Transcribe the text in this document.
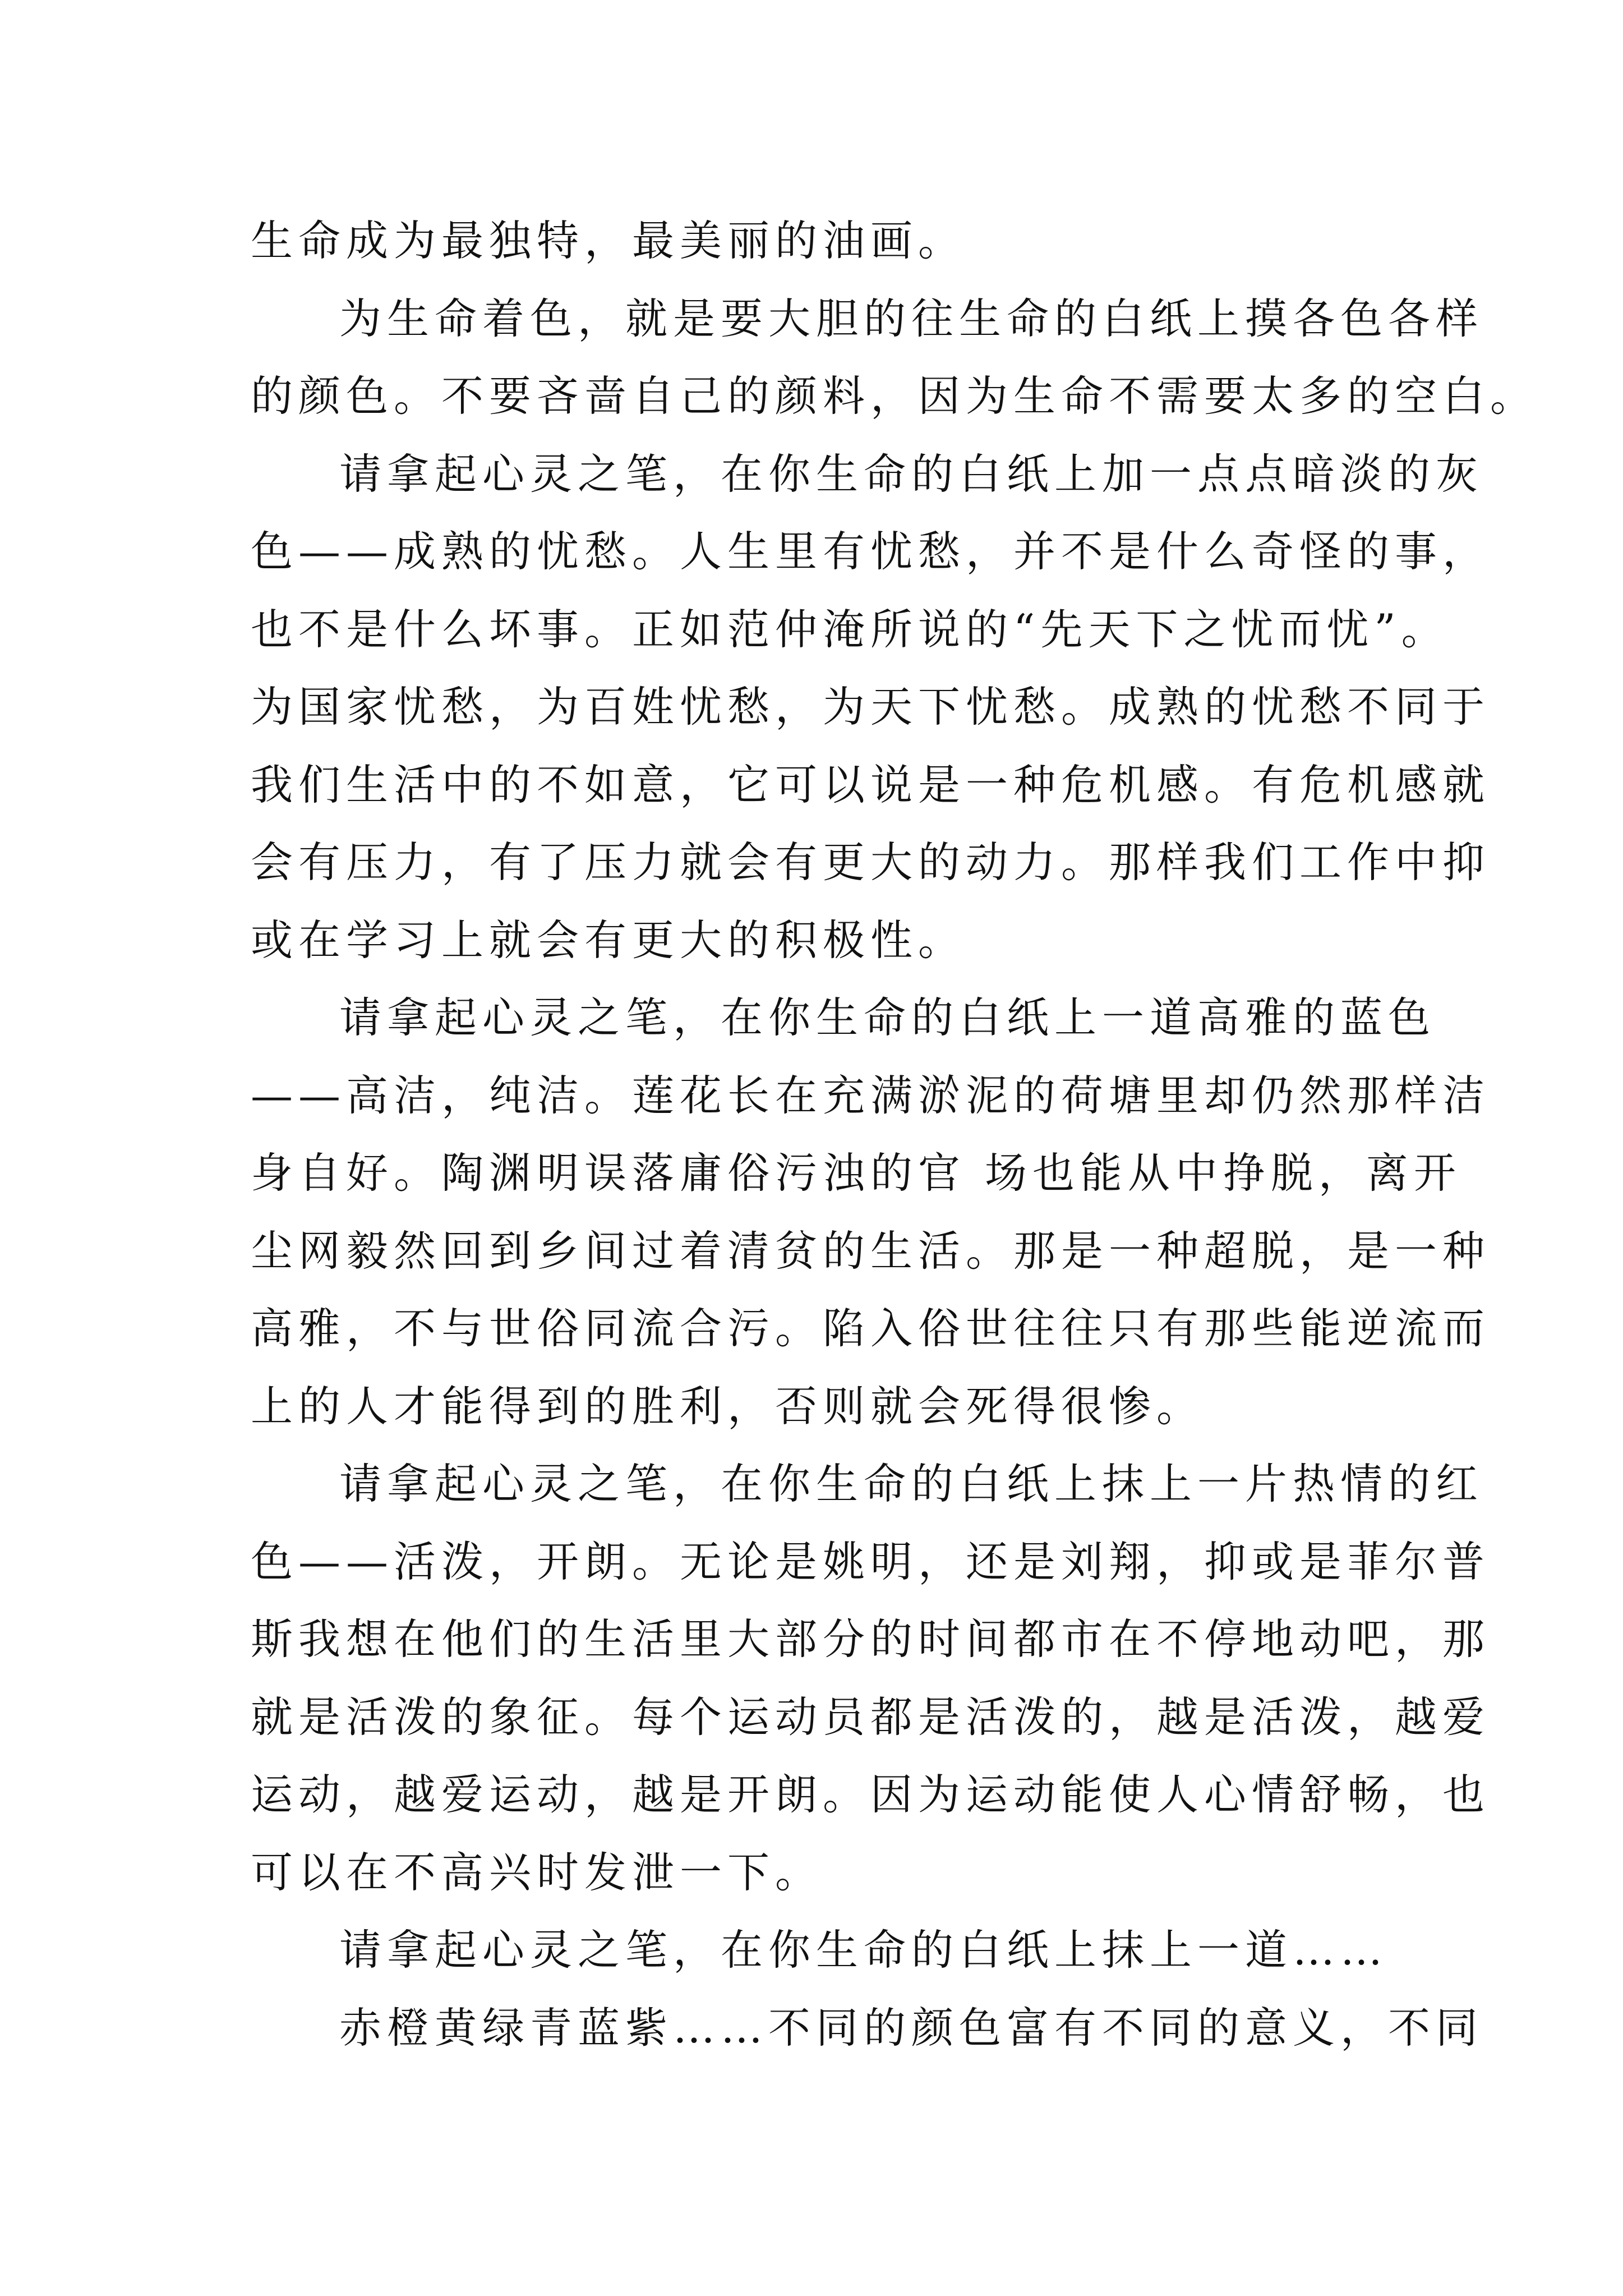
生命成为最独特，最美丽的油画。
为生命着色，就是要大胆的往生命的白纸上摸各色各样
的颜色。不要吝啬自己的颜料，因为生命不需要太多的空白。
请拿起心灵之笔，在你生命的白纸上加一点点暗淡的灰
色——成熟的忧愁。人生里有忧愁，并不是什么奇怪的事，
也不是什么坏事。正如范仲淹所说的“先天下之忧而忧”。
为国家忧愁，为百姓忧愁，为天下忧愁。成熟的忧愁不同于
我们生活中的不如意，它可以说是一种危机感。有危机感就
会有压力，有了压力就会有更大的动力。那样我们工作中抑
或在学习上就会有更大的积极性。
请拿起心灵之笔，在你生命的白纸上一道高雅的蓝色
——高洁，纯洁。莲花长在充满淤泥的荷塘里却仍然那样洁
身自好。陶渊明误落庸俗污浊的官 场也能从中挣脱，离开
尘网毅然回到乡间过着清贫的生活。那是一种超脱，是一种
高雅，不与世俗同流合污。陷入俗世往往只有那些能逆流而
上的人才能得到的胜利，否则就会死得很惨。
请拿起心灵之笔，在你生命的白纸上抹上一片热情的红
色——活泼，开朗。无论是姚明，还是刘翔，抑或是菲尔普
斯我想在他们的生活里大部分的时间都市在不停地动吧，那
就是活泼的象征。每个运动员都是活泼的，越是活泼，越爱
运动，越爱运动，越是开朗。因为运动能使人心情舒畅，也
可以在不高兴时发泄一下。
请拿起心灵之笔，在你生命的白纸上抹上一道……
赤橙黄绿青蓝紫……不同的颜色富有不同的意义，不同
